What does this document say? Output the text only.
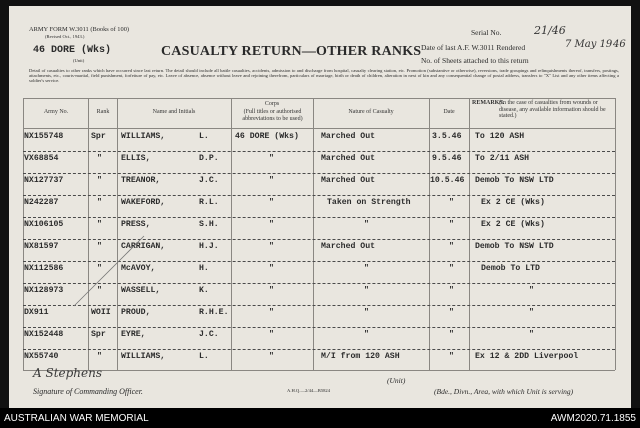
ARMY FORM W.3011 (Books of 100)
(Revised Oct., 1943.)
46 DORE (Wks)
(Unit)
CASUALTY RETURN—OTHER RANKS
Serial No.	21/46
Date of last A.F. W.3011 Rendered	7 May 19 46
No. of Sheets attached to this return
Detail of casualties to other ranks which have occurred since last return. The detail should include all battle casualties, accidents, admission to and discharge from hospital, casualty clearing station, etc. Promotion (substantive or otherwise), reversions, trade groupings and relinquishments thereof, transfers, postings, attachments, etc., courts-martial, field punishment, forfeiture of pay, etc. Leave of absence, absence without leave and rejoining therefrom, particulars of marriage, birth or death of children, alteration in next of kin and any consequential change of postal address, transfers to "X" List and any other items affecting a soldier's service.
Army No.	Rank	Name and Initials
Corps
(Full titles or authorised abbreviations to be used)
Nature of Casualty	Date
REMARKS.
(In the case of casualties from wounds or disease, any available information should be stated.)
NX155748	Spr WILLIAMS,	L.	46 DORE (Wks)	Marched Out	3.5.46 To 120 ASH
VX68854	" ELLIS,	D.P.	"	Marched Out	9.5.46 To 2/11 ASH
NX127737	" TREANOR,	J.C.	"	Marched Out	10.5.46 Demob To NSW LTD
N242287	" WAKEFORD,	R.L.	"	Taken on Strength	"	Ex 2 CE (Wks)
NX106105	" PRESS,	S.H.	"	"	"	Ex 2 CE (Wks)
NX81597	" CARRIGAN,	H.J.	"	Marched Out	"	Demob To NSW LTD
NX112586	" McAVOY,	H.	"	"	"	Demob To LTD
NX128973	" WASSELL,	K.	"	"	"	"
DX911	WOII PROUD,	R.H.E.	"	"	"	"
NX152448	Spr EYRE,	J.C.	"	"	"	"
NX55740	" WILLIAMS,	L.	"	M/I from 120 ASH	"	Ex 12 & 2DD Liverpool
A Stephens
Signature of Commanding Officer.	A.H.Q.—2/44—B5824
(Unit)
(Bde., Divn., Area, with which Unit is serving)
AUSTRALIAN WAR MEMORIAL	AWM2020.71.1855
